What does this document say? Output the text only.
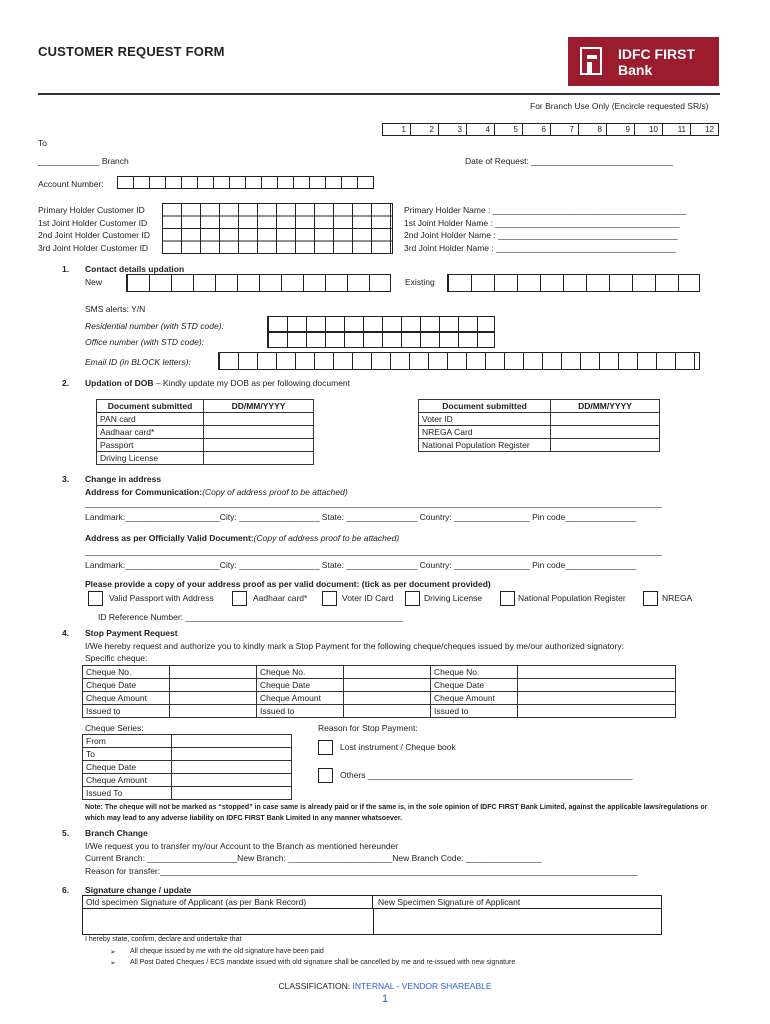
CUSTOMER REQUEST FORM	IDFC FIRST
Bank
For Branch Use Only (Encircle requested SR/s)
1	2	3	4	5	6	7	8	9	10	11	12
To
_____________ Branch	Date of Request: ______________________________
Account Number:
Primary Holder Customer ID
1st Joint Holder Customer ID
2nd Joint Holder Customer ID
3rd Joint Holder Customer ID
Primary Holder Name : _________________________________________
1st Joint Holder Name : _______________________________________
2nd Joint Holder Name : ______________________________________
3rd Joint Holder Name : ______________________________________
1. Contact details updation
New	Existing
SMS alerts: Y/N
Residential number (with STD code):
Office number (with STD code):
Email ID (in BLOCK letters):
2. Updation of DOB – Kindly update my DOB as per following document
Document submitted	DD/MM/YYYY
PAN card	
Aadhaar card*	
Passport	
Driving License	
Document submitted	DD/MM/YYYY
Voter ID	
NREGA Card	
National Population Register	
3. Change in address
Address for Communication:(Copy of address proof to be attached)
__________________________________________________________________________________________________________________________
Landmark:____________________City: _________________ State: _______________ Country: ________________ Pin code_______________
Address as per Officially Valid Document:(Copy of address proof to be attached)
__________________________________________________________________________________________________________________________
Landmark:____________________City: _________________ State: _______________ Country: ________________ Pin code_______________
Please provide a copy of your address proof as per valid document: (tick as per document provided)
Valid Passport with Address	Aadhaar card*	Voter ID Card	Driving License	National Population Register	NREGA
ID Reference Number: ______________________________________________
4. Stop Payment Request
I/We hereby request and authorize you to kindly mark a Stop Payment for the following cheque/cheques issued by me/our authorized signatory:
Specific cheque:
Cheque No.		Cheque No.		Cheque No.	
Cheque Date		Cheque Date		Cheque Date	
Cheque Amount		Cheque Amount		Cheque Amount	
Issued to		Issued to		Issued to	
Cheque Series:
From	
To	
Cheque Date	
Cheque Amount	
Issued To	
Reason for Stop Payment:
Lost instrument / Cheque book
Others ________________________________________________________
Note: The cheque will not be marked as “stopped” in case same is already paid or if the same is, in the sole opinion of IDFC FIRST Bank Limited, against the applicable laws/regulations or which may lead to any adverse liability on IDFC FIRST Bank Limited in any manner whatsoever.
5. Branch Change
I/We request you to transfer my/our Account to the Branch as mentioned hereunder
Current Branch: ___________________New Branch: ______________________New Branch Code: ________________
Reason for transfer:_____________________________________________________________________________________________________
6. Signature change / update
Old specimen Signature of Applicant (as per Bank Record)	New Specimen Signature of Applicant
I hereby state, confirm, declare and undertake that
➢ All cheque issued by me with the old signature have been paid
➢ All Post Dated Cheques / ECS mandate issued with old signature shall be cancelled by me and re-issued with new signature
CLASSIFICATION: INTERNAL - VENDOR SHAREABLE
1
